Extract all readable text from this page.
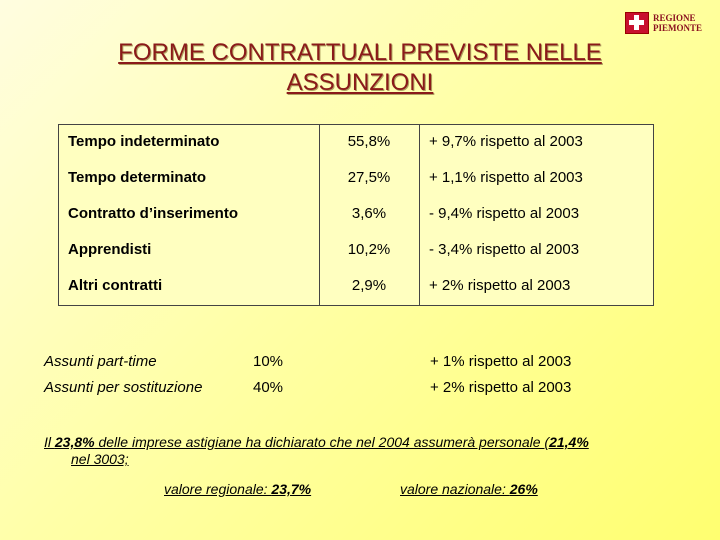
REGIONE
PIEMONTE
FORME CONTRATTUALI PREVISTE NELLE
ASSUNZIONI
Tempo indeterminato	55,8%	+ 9,7% rispetto al 2003
Tempo determinato	27,5%	+ 1,1% rispetto al 2003
Contratto d’inserimento	3,6%	- 9,4% rispetto al 2003
Apprendisti	10,2%	- 3,4% rispetto al 2003
Altri contratti	2,9%	+ 2% rispetto al 2003
Assunti part-time	10%	+ 1% rispetto al 2003
Assunti per sostituzione	40%	+ 2% rispetto al 2003
Il 23,8% delle imprese astigiane ha dichiarato che nel 2004 assumerà personale (21,4%
nel 3003;
valore regionale: 23,7%	valore nazionale: 26%
